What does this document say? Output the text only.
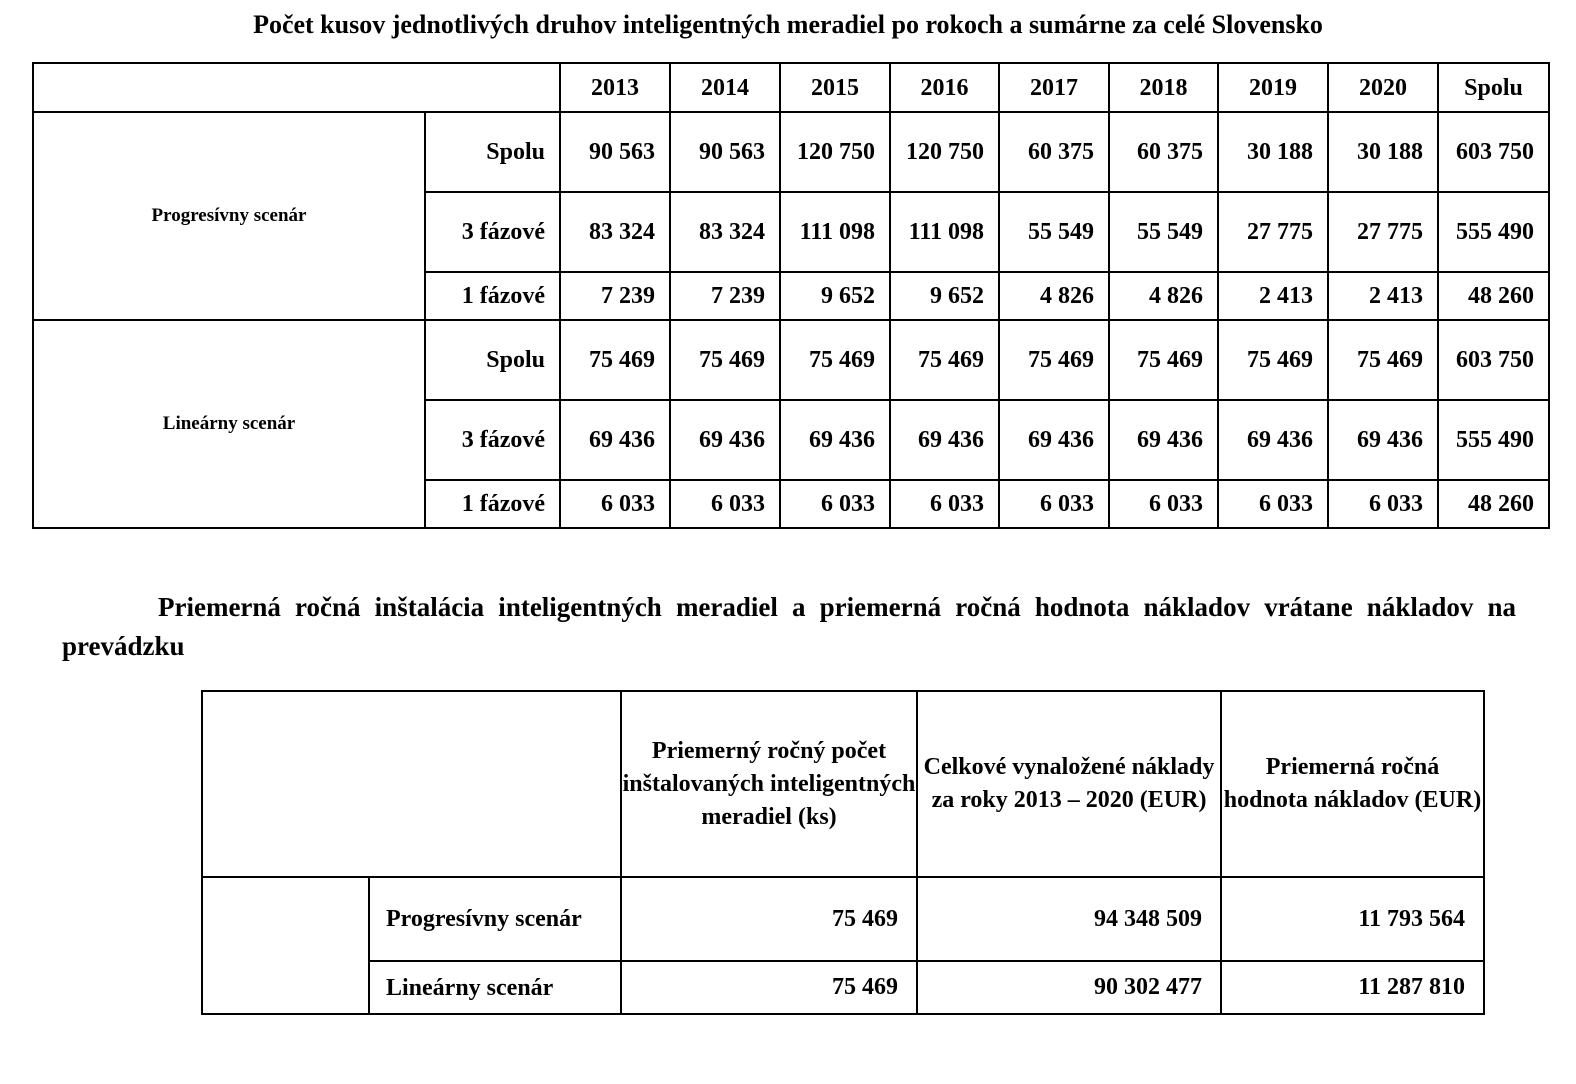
Počet kusov jednotlivých druhov inteligentných meradiel po rokoch a sumárne za celé Slovensko
		2013	2014	2015	2016	2017	2018	2019	2020	Spolu
Progresívny scenár	Spolu	90 563	90 563	120 750	120 750	60 375	60 375	30 188	30 188	603 750
	3 fázové	83 324	83 324	111 098	111 098	55 549	55 549	27 775	27 775	555 490
	1 fázové	7 239	7 239	9 652	9 652	4 826	4 826	2 413	2 413	48 260
Lineárny scenár	Spolu	75 469	75 469	75 469	75 469	75 469	75 469	75 469	75 469	603 750
	3 fázové	69 436	69 436	69 436	69 436	69 436	69 436	69 436	69 436	555 490
	1 fázové	6 033	6 033	6 033	6 033	6 033	6 033	6 033	6 033	48 260
Priemerná ročná inštalácia inteligentných meradiel a priemerná ročná hodnota nákladov vrátane nákladov na prevádzku
		Priemerný ročný počet inštalovaných inteligentných meradiel (ks)	Celkové vynaložené náklady za roky 2013 – 2020 (EUR)	Priemerná ročná hodnota nákladov (EUR)
	Progresívny scenár	75 469	94 348 509	11 793 564
	Lineárny scenár	75 469	90 302 477	11 287 810
